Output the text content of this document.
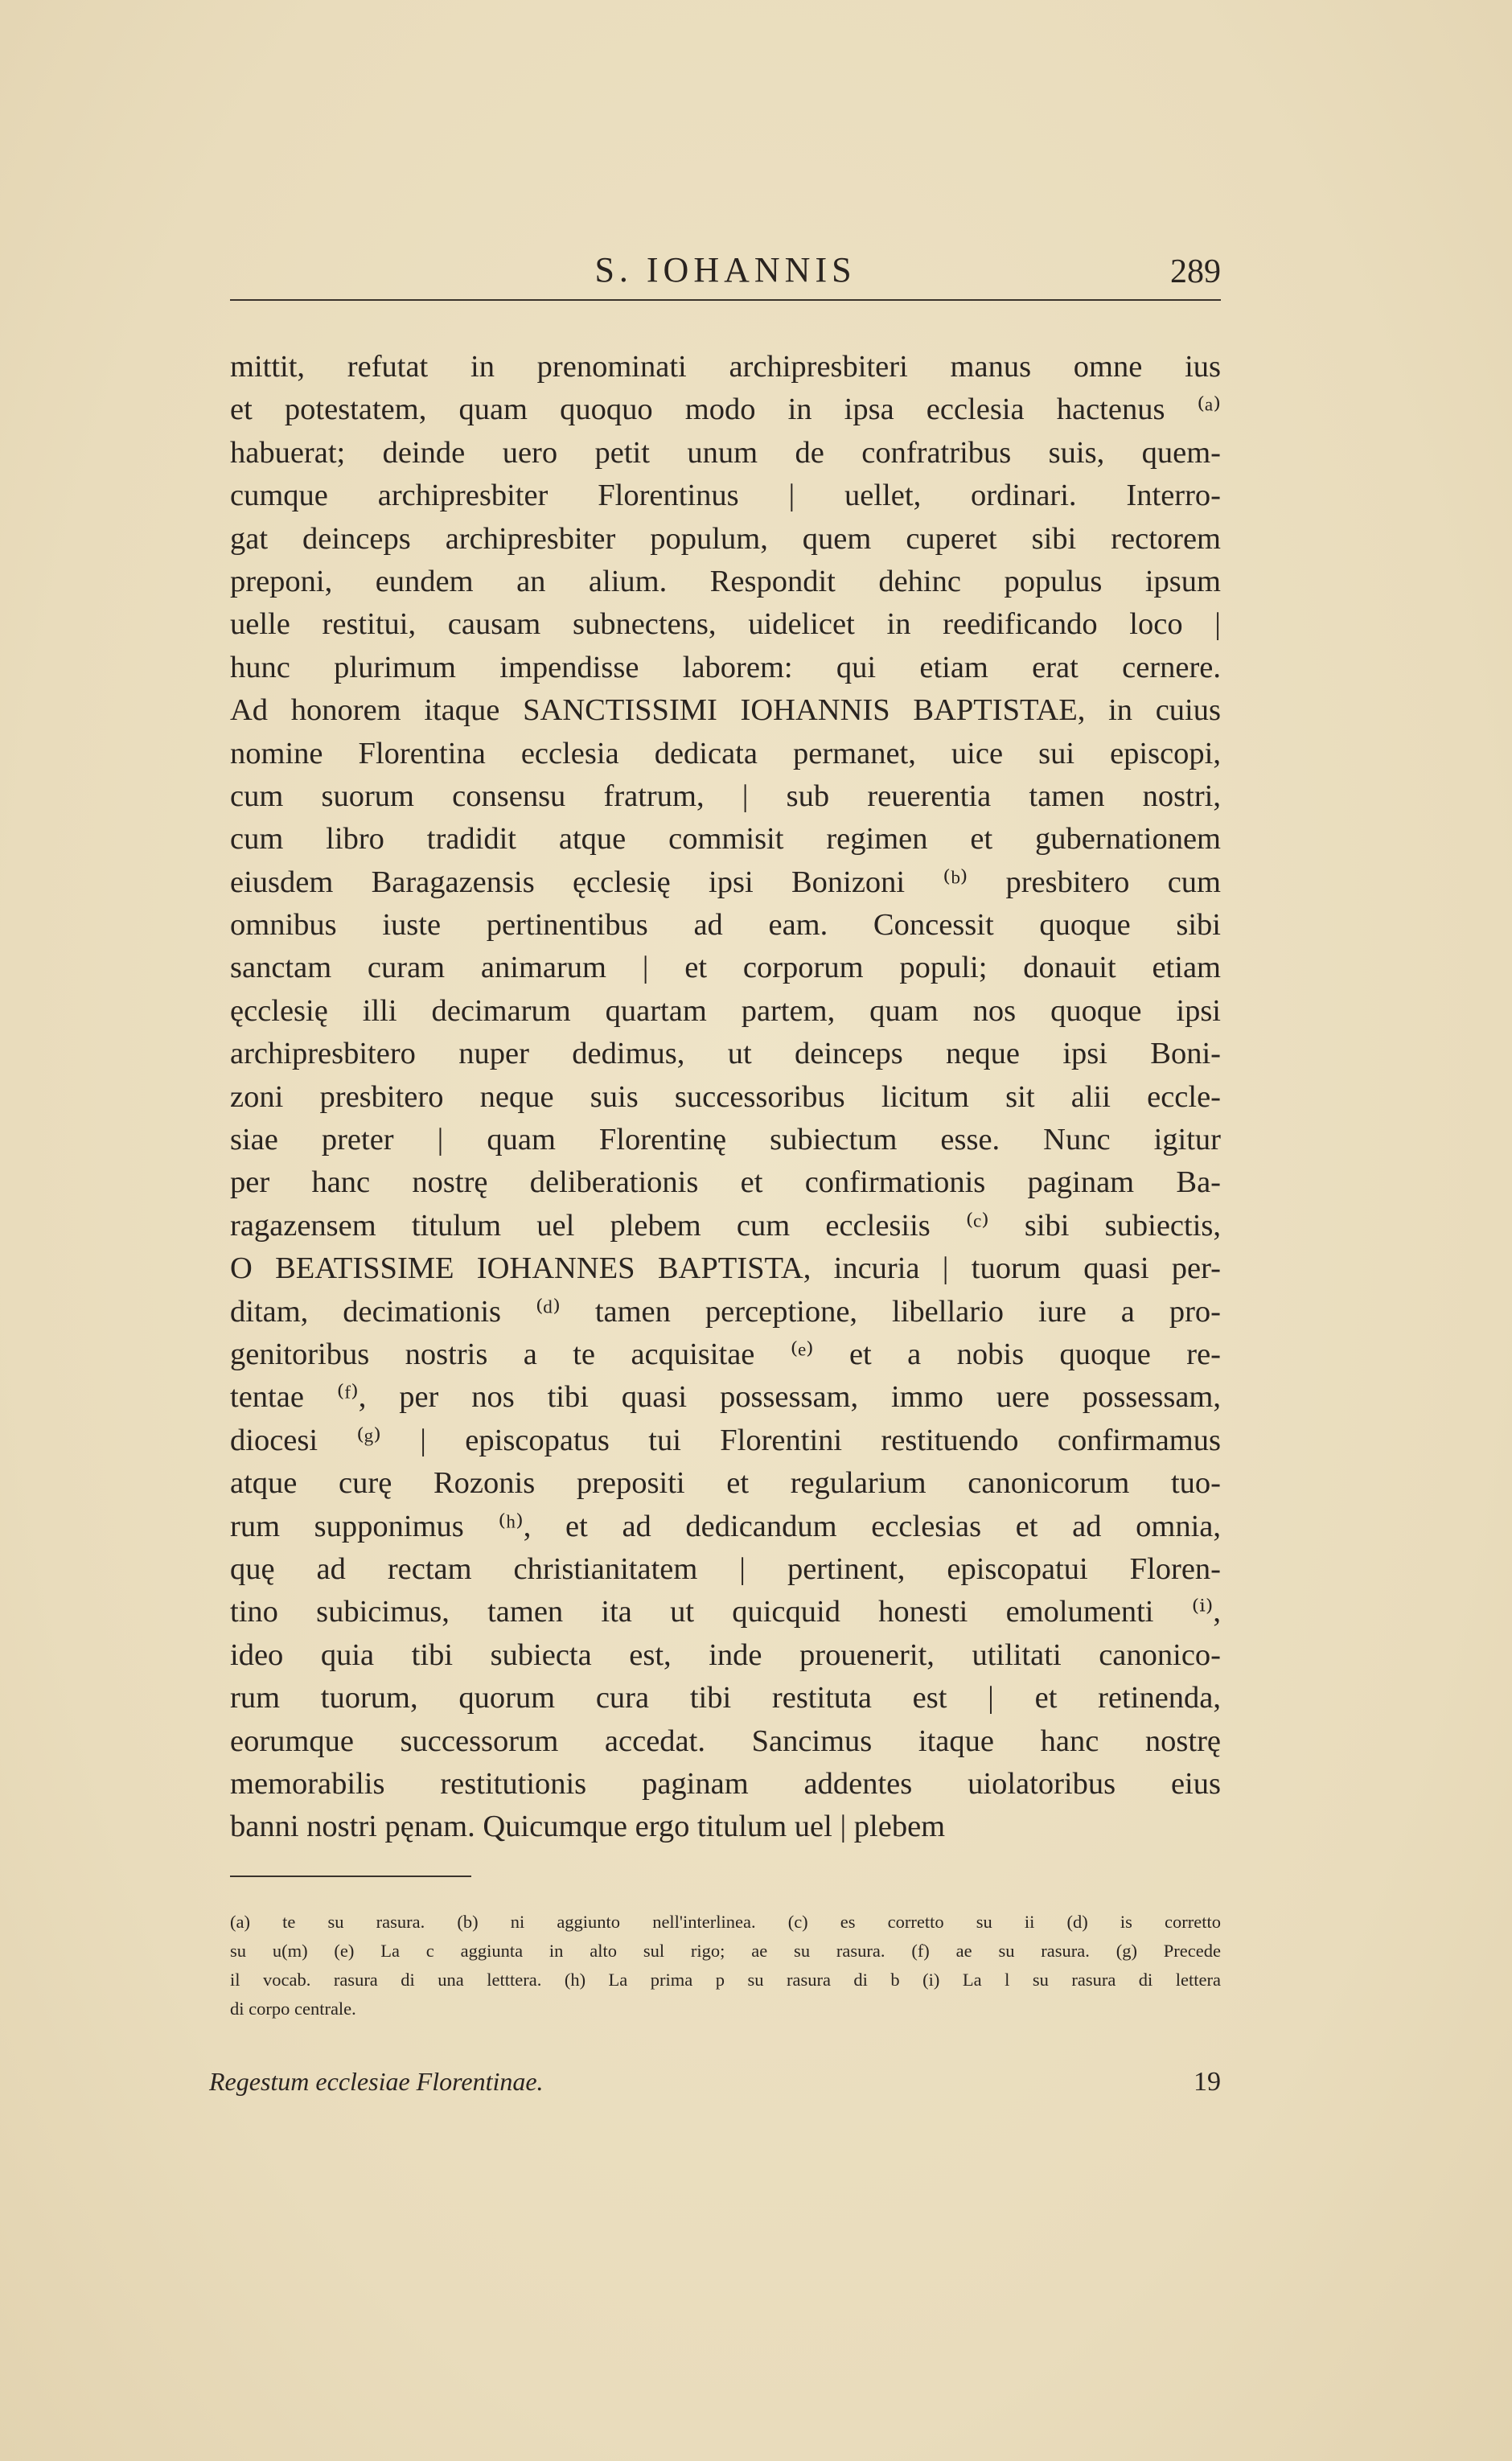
S. IOHANNIS	289
mittit, refutat in prenominati archipresbiteri manus omne ius
et potestatem, quam quoquo modo in ipsa ecclesia hactenus ⁽ᵃ⁾
habuerat; deinde uero petit unum de confratribus suis, quem-
cumque archipresbiter Florentinus | uellet, ordinari. Interro-
gat deinceps archipresbiter populum, quem cuperet sibi rectorem
preponi, eundem an alium. Respondit dehinc populus ipsum
uelle restitui, causam subnectens, uidelicet in reedificando loco |
hunc plurimum impendisse laborem: qui etiam erat cernere.
Ad honorem itaque SANCTISSIMI IOHANNIS BAPTISTAE, in cuius
nomine Florentina ecclesia dedicata permanet, uice sui episcopi,
cum suorum consensu fratrum, | sub reuerentia tamen nostri,
cum libro tradidit atque commisit regimen et gubernationem
eiusdem Baragazensis ęcclesię ipsi Bonizoni ⁽ᵇ⁾ presbitero cum
omnibus iuste pertinentibus ad eam. Concessit quoque sibi
sanctam curam animarum | et corporum populi; donauit etiam
ęcclesię illi decimarum quartam partem, quam nos quoque ipsi
archipresbitero nuper dedimus, ut deinceps neque ipsi Boni-
zoni presbitero neque suis successoribus licitum sit alii eccle-
siae preter | quam Florentinę subiectum esse. Nunc igitur
per hanc nostrę deliberationis et confirmationis paginam Ba-
ragazensem titulum uel plebem cum ecclesiis ⁽ᶜ⁾ sibi subiectis,
O BEATISSIME IOHANNES BAPTISTA, incuria | tuorum quasi per-
ditam, decimationis ⁽ᵈ⁾ tamen perceptione, libellario iure a pro-
genitoribus nostris a te acquisitae ⁽ᵉ⁾ et a nobis quoque re-
tentae ⁽ᶠ⁾, per nos tibi quasi possessam, immo uere possessam,
diocesi ⁽ᵍ⁾ | episcopatus tui Florentini restituendo confirmamus
atque curę Rozonis prepositi et regularium canonicorum tuo-
rum supponimus ⁽ʰ⁾, et ad dedicandum ecclesias et ad omnia,
quę ad rectam christianitatem | pertinent, episcopatui Floren-
tino subicimus, tamen ita ut quicquid honesti emolumenti ⁽ⁱ⁾,
ideo quia tibi subiecta est, inde prouenerit, utilitati canonico-
rum tuorum, quorum cura tibi restituta est | et retinenda,
eorumque successorum accedat. Sancimus itaque hanc nostrę
memorabilis restitutionis paginam addentes uiolatoribus eius
banni nostri pęnam. Quicumque ergo titulum uel | plebem
(a) te su rasura. (b) ni aggiunto nell'interlinea. (c) es corretto su ii (d) is corretto
su u(m) (e) La c aggiunta in alto sul rigo; ae su rasura. (f) ae su rasura. (g) Precede
il vocab. rasura di una letttera. (h) La prima p su rasura di b (i) La l su rasura di lettera
di corpo centrale.
Regestum ecclesiae Florentinae.	19
